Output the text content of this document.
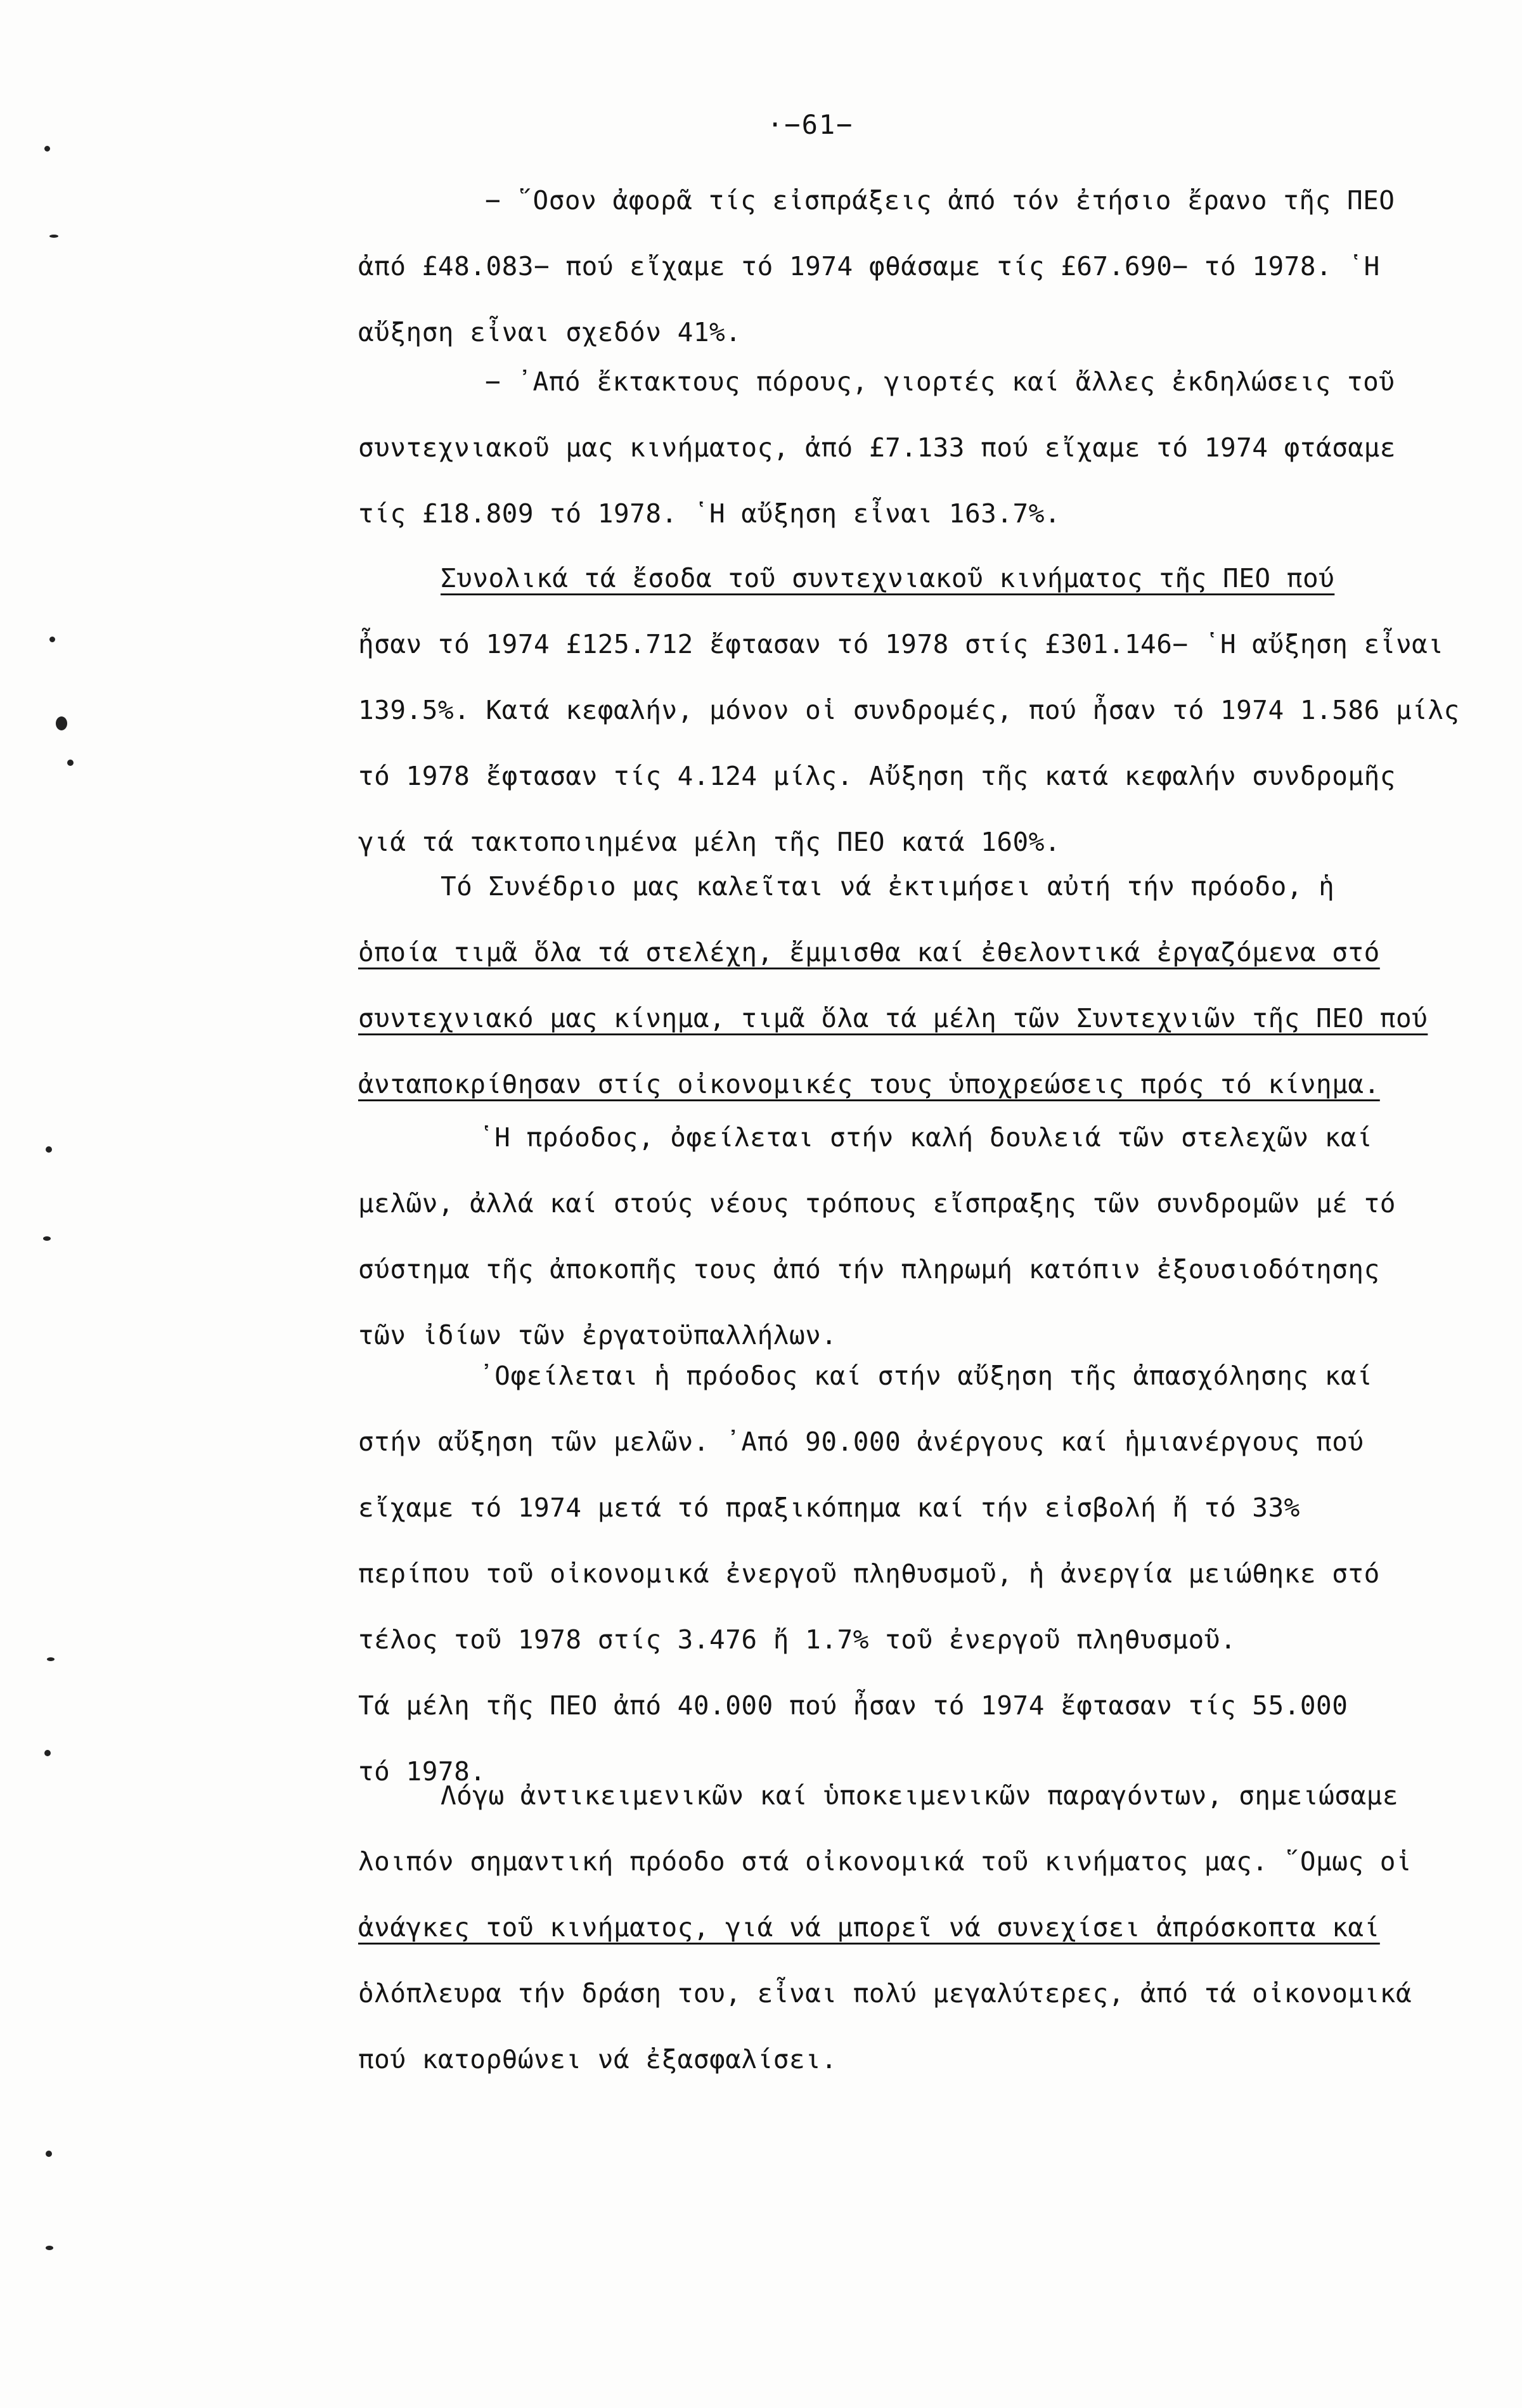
·−61−
− ῞Οσον ἀφορᾶ τίς εἰσπράξεις ἀπό τόν ἐτήσιο ἔρανο τῆς ΠΕΟ
ἀπό £48.083− πού εἴχαμε τό 1974 φθάσαμε τίς £67.690− τό 1978. ῾Η
αὔξηση εἶναι σχεδόν 41%.
− ᾿Από ἔκτακτους πόρους, γιορτές καί ἄλλες ἐκδηλώσεις τοῦ
συντεχνιακοῦ μας κινήματος, ἀπό £7.133 πού εἴχαμε τό 1974 φτάσαμε
τίς £18.809 τό 1978. ῾Η αὔξηση εἶναι 163.7%.
Συνολικά τά ἔσοδα τοῦ συντεχνιακοῦ κινήματος τῆς ΠΕΟ πού
ἦσαν τό 1974 £125.712 ἔφτασαν τό 1978 στίς £301.146− ῾Η αὔξηση εἶναι
139.5%. Κατά κεφαλήν, μόνον οἱ συνδρομές, πού ἦσαν τό 1974 1.586 μίλς
τό 1978 ἔφτασαν τίς 4.124 μίλς. Αὔξηση τῆς κατά κεφαλήν συνδρομῆς
γιά τά τακτοποιημένα μέλη τῆς ΠΕΟ κατά 160%.
Τό Συνέδριο μας καλεῖται νά ἐκτιμήσει αὐτή τήν πρόοδο, ἡ
ὁποία τιμᾶ ὅλα τά στελέχη, ἔμμισθα καί ἐθελοντικά ἐργαζόμενα στό
συντεχνιακό μας κίνημα, τιμᾶ ὅλα τά μέλη τῶν Συντεχνιῶν τῆς ΠΕΟ πού
ἀνταποκρίθησαν στίς οἰκονομικές τους ὑποχρεώσεις πρός τό κίνημα.
῾Η πρόοδος, ὀφείλεται στήν καλή δουλειά τῶν στελεχῶν καί
μελῶν, ἀλλά καί στούς νέους τρόπους εἴσπραξης τῶν συνδρομῶν μέ τό
σύστημα τῆς ἀποκοπῆς τους ἀπό τήν πληρωμή κατόπιν ἐξουσιοδότησης
τῶν ἰδίων τῶν ἐργατοϋπαλλήλων.
᾿Οφείλεται ἡ πρόοδος καί στήν αὔξηση τῆς ἀπασχόλησης καί
στήν αὔξηση τῶν μελῶν. ᾿Από 90.000 ἀνέργους καί ἡμιανέργους πού
εἴχαμε τό 1974 μετά τό πραξικόπημα καί τήν εἰσβολή ἤ τό 33%
περίπου τοῦ οἰκονομικά ἐνεργοῦ πληθυσμοῦ, ἡ ἀνεργία μειώθηκε στό
τέλος τοῦ 1978 στίς 3.476 ἤ 1.7% τοῦ ἐνεργοῦ πληθυσμοῦ.
Τά μέλη τῆς ΠΕΟ ἀπό 40.000 πού ἦσαν τό 1974 ἔφτασαν τίς 55.000
τό 1978.
Λόγω ἀντικειμενικῶν καί ὑποκειμενικῶν παραγόντων, σημειώσαμε
λοιπόν σημαντική πρόοδο στά οἰκονομικά τοῦ κινήματος μας. ῞Ομως οἱ
ἀνάγκες τοῦ κινήματος, γιά νά μπορεῖ νά συνεχίσει ἀπρόσκοπτα καί
ὁλόπλευρα τήν δράση του, εἶναι πολύ μεγαλύτερες, ἀπό τά οἰκονομικά
πού κατορθώνει νά ἐξασφαλίσει.
